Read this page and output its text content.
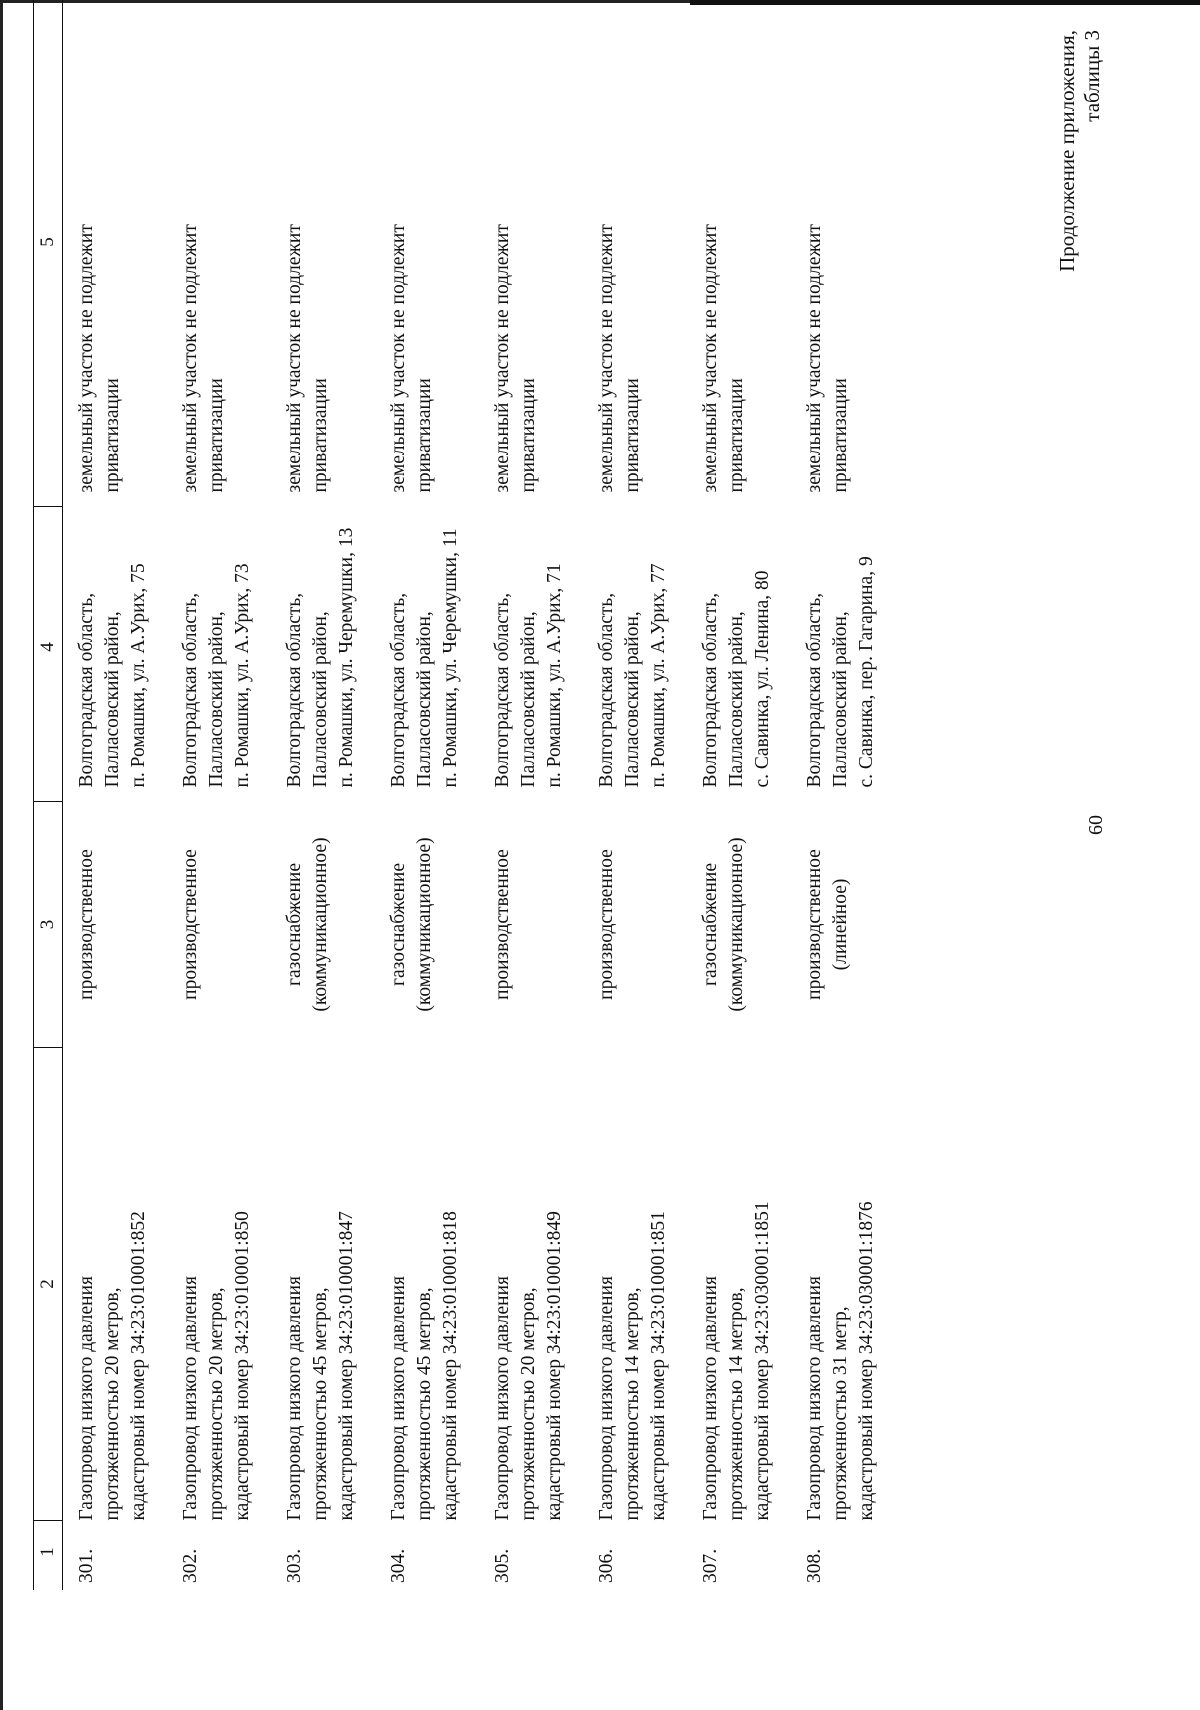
60
Продолжение приложения, таблицы 3
1	2	3	4	5
301.	Газопровод низкого давления протяженностью 20 метров, кадастровый номер 34:23:010001:852	производственное	Волгоградская область, Палласовский район, п. Ромашки, ул. А.Урих, 75	земельный участок не подлежит приватизации

302.	Газопровод низкого давления протяженностью 20 метров, кадастровый номер 34:23:010001:850	производственное	Волгоградская область, Палласовский район, п. Ромашки, ул. А.Урих, 73	земельный участок не подлежит приватизации

303.	Газопровод низкого давления протяженностью 45 метров, кадастровый номер 34:23:010001:847	газоснабжение (коммуникационное)	Волгоградская область, Палласовский район, п. Ромашки, ул. Черемушки, 13	земельный участок не подлежит приватизации

304.	Газопровод низкого давления протяженностью 45 метров, кадастровый номер 34:23:010001:818	газоснабжение (коммуникационное)	Волгоградская область, Палласовский район, п. Ромашки, ул. Черемушки, 11	земельный участок не подлежит приватизации

305.	Газопровод низкого давления протяженностью 20 метров, кадастровый номер 34:23:010001:849	производственное	Волгоградская область, Палласовский район, п. Ромашки, ул. А.Урих, 71	земельный участок не подлежит приватизации

306.	Газопровод низкого давления протяженностью 14 метров, кадастровый номер 34:23:010001:851	производственное	Волгоградская область, Палласовский район, п. Ромашки, ул. А.Урих, 77	земельный участок не подлежит приватизации

307.	Газопровод низкого давления протяженностью 14 метров, кадастровый номер 34:23:030001:1851	газоснабжение (коммуникационное)	Волгоградская область, Палласовский район, с. Савинка, ул. Ленина, 80	земельный участок не подлежит приватизации

308.	Газопровод низкого давления протяженностью 31 метр, кадастровый номер 34:23:030001:1876	производственное (линейное)	Волгоградская область, Палласовский район, с. Савинка, пер. Гагарина, 9	земельный участок не подлежит приватизации
